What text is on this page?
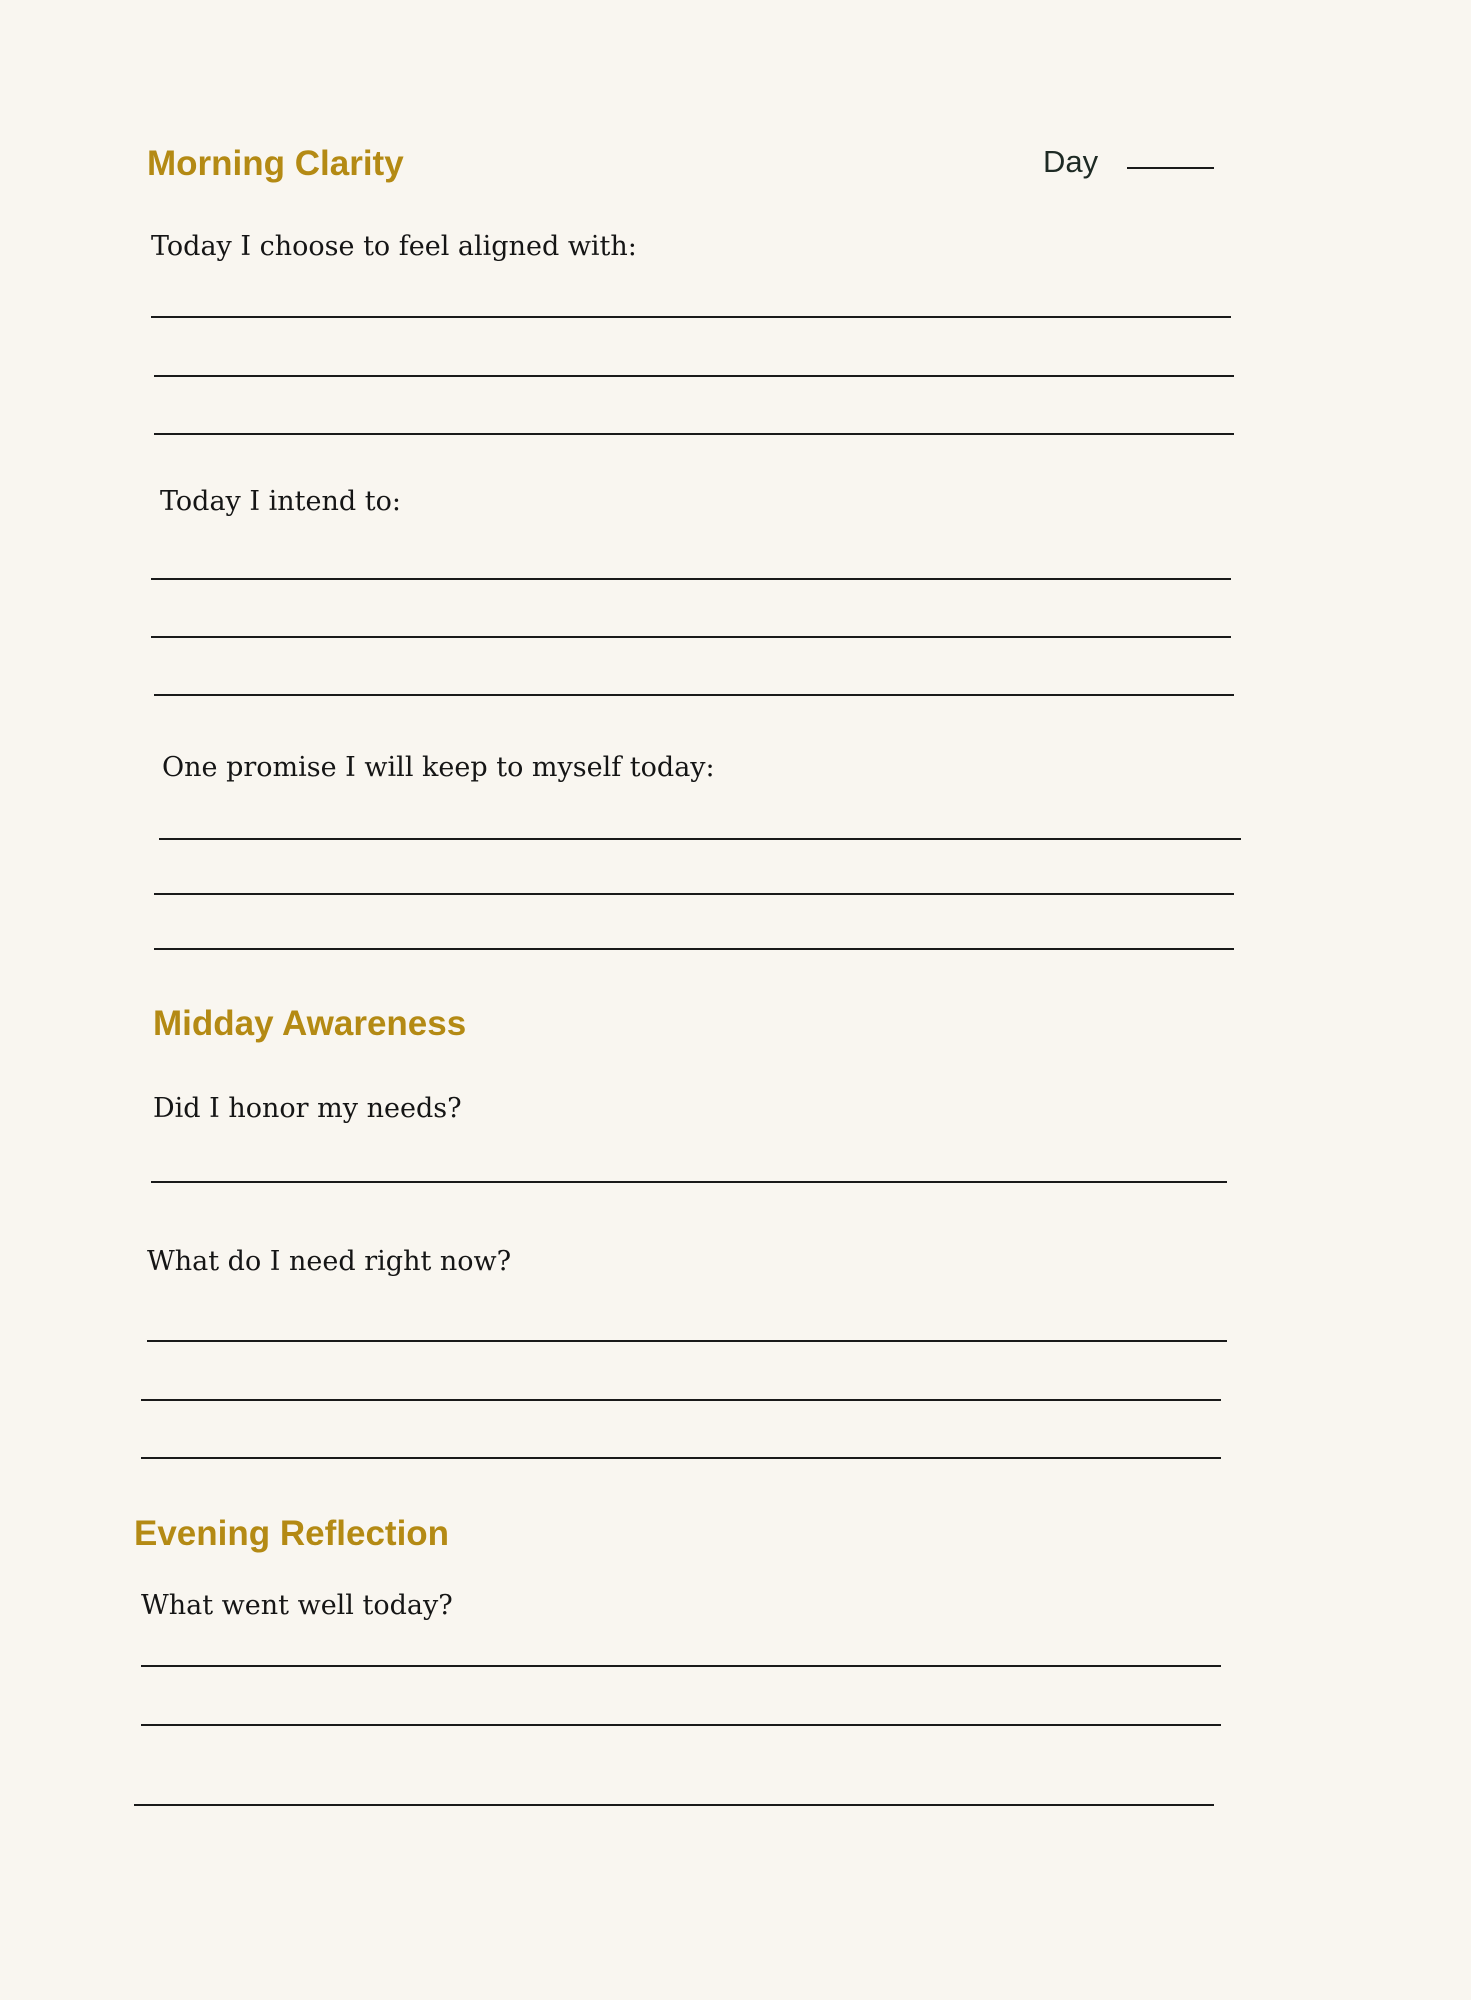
Morning Clarity	Day

Today I choose to feel aligned with:

Today I intend to:

One promise I will keep to myself today:

Midday Awareness

Did I honor my needs?

What do I need right now?

Evening Reflection

What went well today?
